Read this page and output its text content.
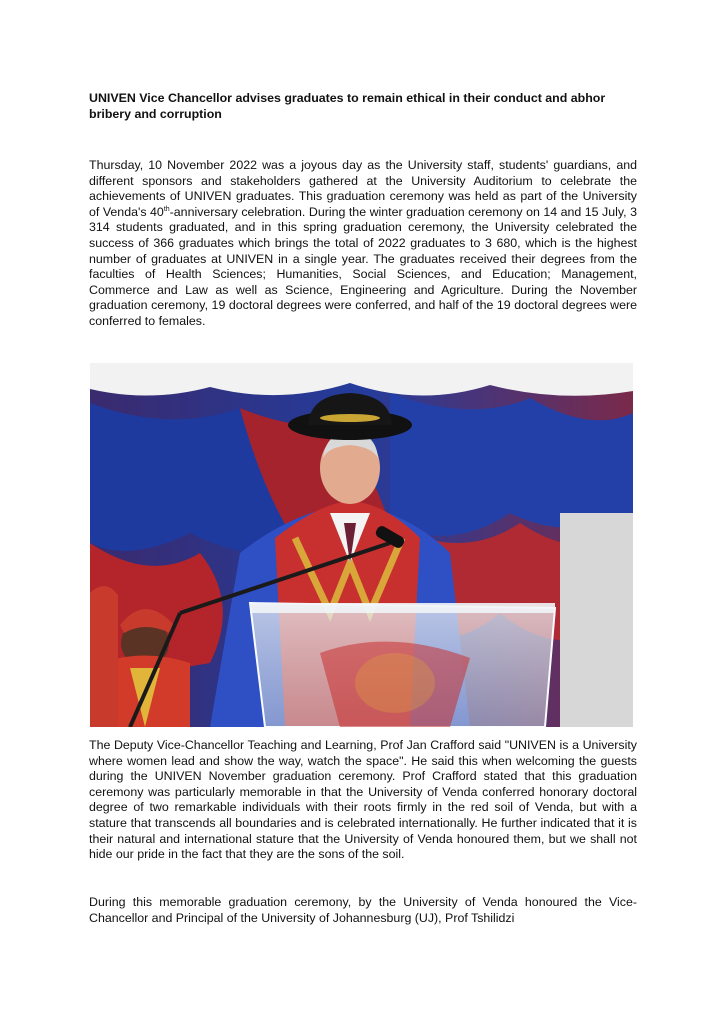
UNIVEN Vice Chancellor advises graduates to remain ethical in their conduct and abhor bribery and corruption

Thursday, 10 November 2022 was a joyous day as the University staff, students' guardians, and different sponsors and stakeholders gathered at the University Auditorium to celebrate the achievements of UNIVEN graduates. This graduation ceremony was held as part of the University of Venda's 40th-anniversary celebration. During the winter graduation ceremony on 14 and 15 July, 3 314 students graduated, and in this spring graduation ceremony, the University celebrated the success of 366 graduates which brings the total of 2022 graduates to 3 680, which is the highest number of graduates at UNIVEN in a single year. The graduates received their degrees from the faculties of Health Sciences; Humanities, Social Sciences, and Education; Management, Commerce and Law as well as Science, Engineering and Agriculture. During the November graduation ceremony, 19 doctoral degrees were conferred, and half of the 19 doctoral degrees were conferred to females.

The Deputy Vice-Chancellor Teaching and Learning, Prof Jan Crafford said "UNIVEN is a University where women lead and show the way, watch the space". He said this when welcoming the guests during the UNIVEN November graduation ceremony. Prof Crafford stated that this graduation ceremony was particularly memorable in that the University of Venda conferred honorary doctoral degree of two remarkable individuals with their roots firmly in the red soil of Venda, but with a stature that transcends all boundaries and is celebrated internationally. He further indicated that it is their natural and international stature that the University of Venda honoured them, but we shall not hide our pride in the fact that they are the sons of the soil.

During this memorable graduation ceremony, by the University of Venda honoured the Vice-Chancellor and Principal of the University of Johannesburg (UJ), Prof Tshilidzi
